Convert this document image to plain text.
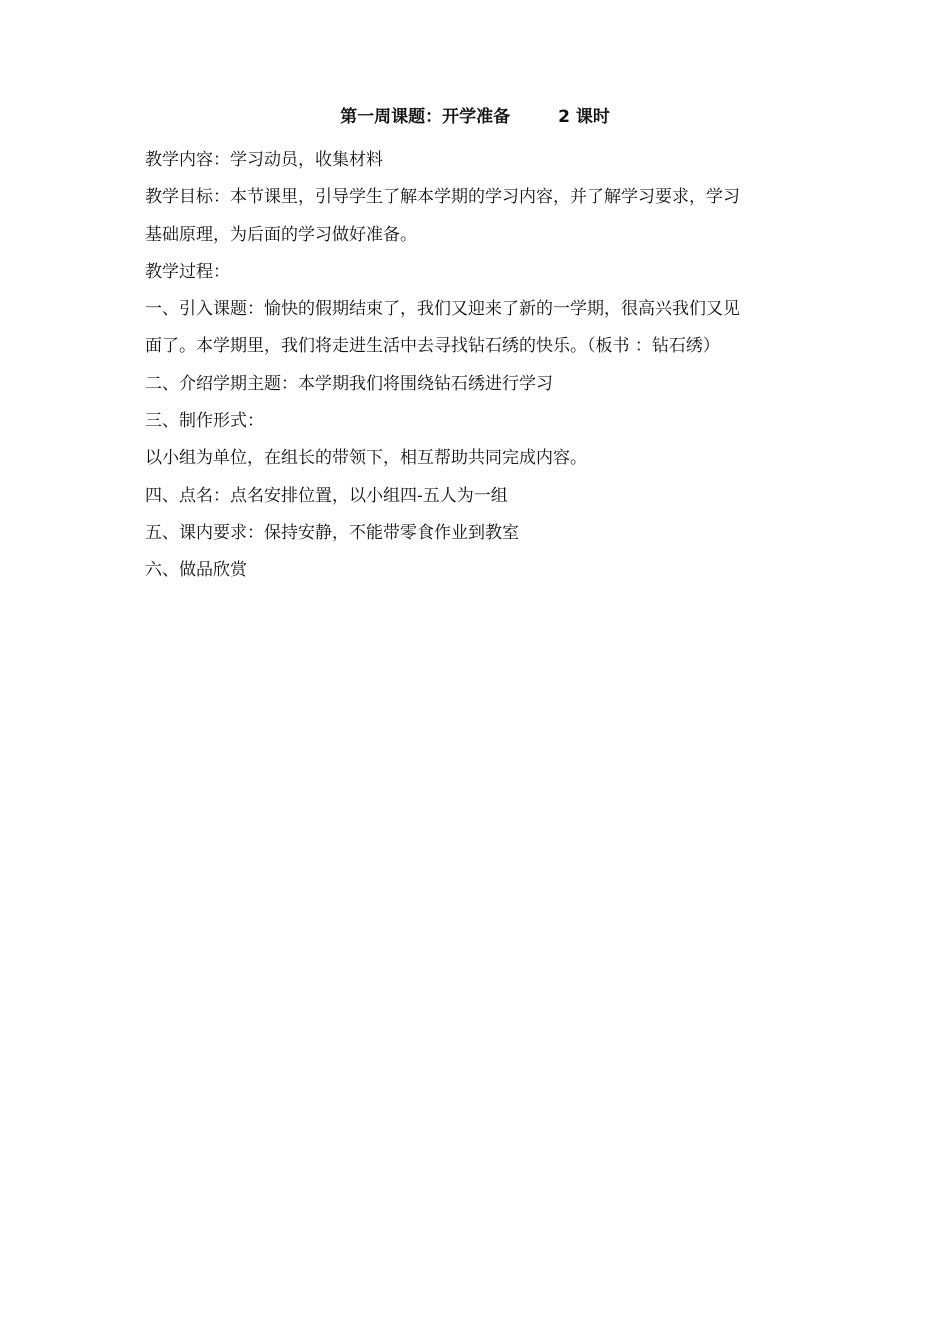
第一周课题：开学准备	2 课时

教学内容：学习动员，收集材料

教学目标：本节课里，引导学生了解本学期的学习内容，并了解学习要求，学习

基础原理，为后面的学习做好准备。

教学过程：

一、引入课题：愉快的假期结束了，我们又迎来了新的一学期，很高兴我们又见

面了。本学期里，我们将走进生活中去寻找钻石绣的快乐。（板书 ：钻石绣）

二、介绍学期主题：本学期我们将围绕钻石绣进行学习

三、制作形式：

以小组为单位，在组长的带领下，相互帮助共同完成内容。

四、点名：点名安排位置，以小组四-五人为一组

五、课内要求：保持安静，不能带零食作业到教室

六、做品欣赏
